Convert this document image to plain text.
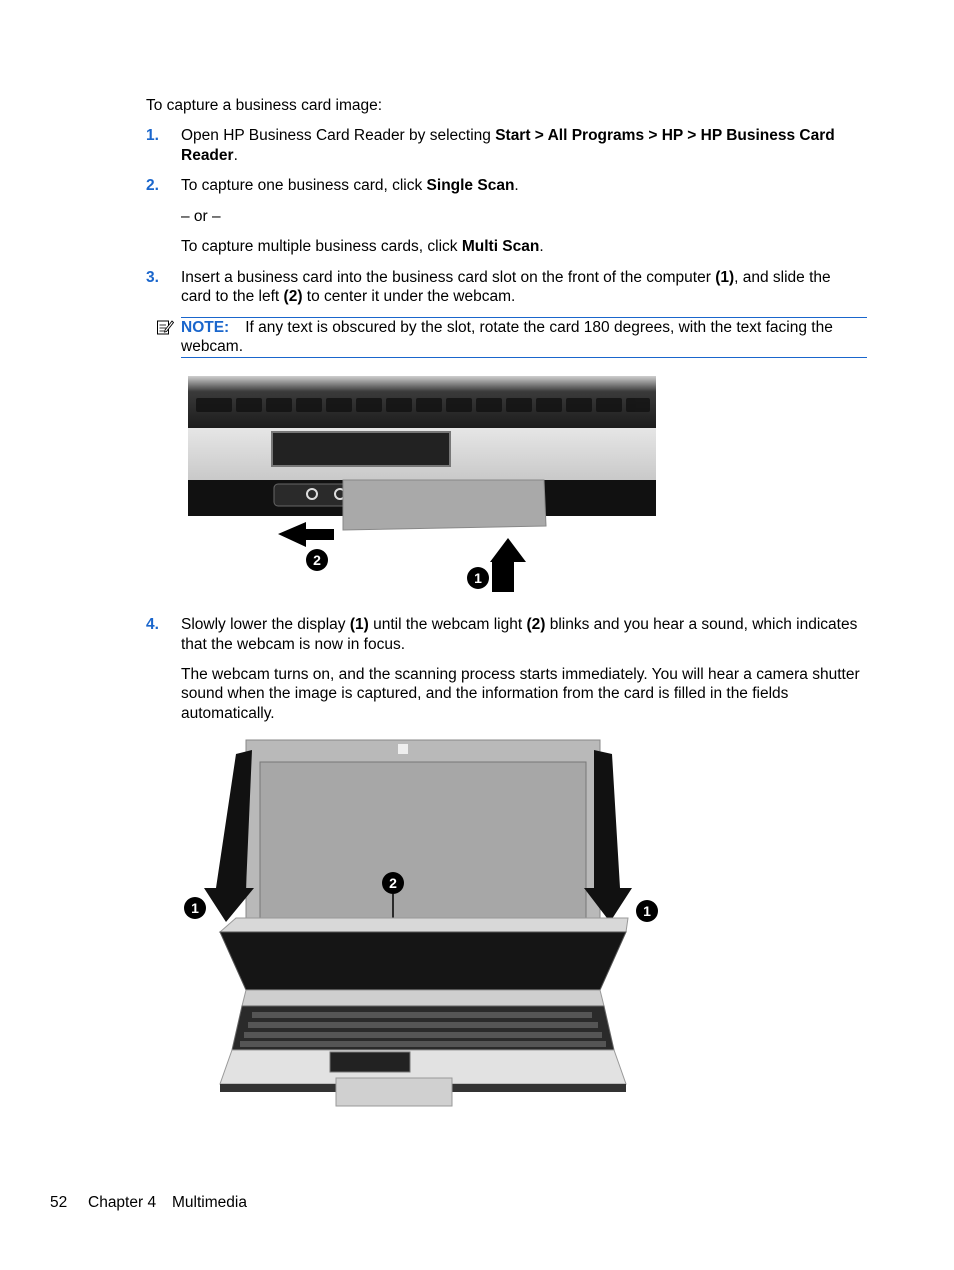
To capture a business card image:
1. Open HP Business Card Reader by selecting Start > All Programs > HP > HP Business Card
Reader.
2. To capture one business card, click Single Scan.
– or –
To capture multiple business cards, click Multi Scan.
3. Insert a business card into the business card slot on the front of the computer (1), and slide the
card to the left (2) to center it under the webcam.
NOTE: If any text is obscured by the slot, rotate the card 180 degrees, with the text facing the
webcam.
2
1
4. Slowly lower the display (1) until the webcam light (2) blinks and you hear a sound, which indicates
that the webcam is now in focus.
The webcam turns on, and the scanning process starts immediately. You will hear a camera shutter
sound when the image is captured, and the information from the card is filled in the fields
automatically.
1	1
2
52 Chapter 4 Multimedia
